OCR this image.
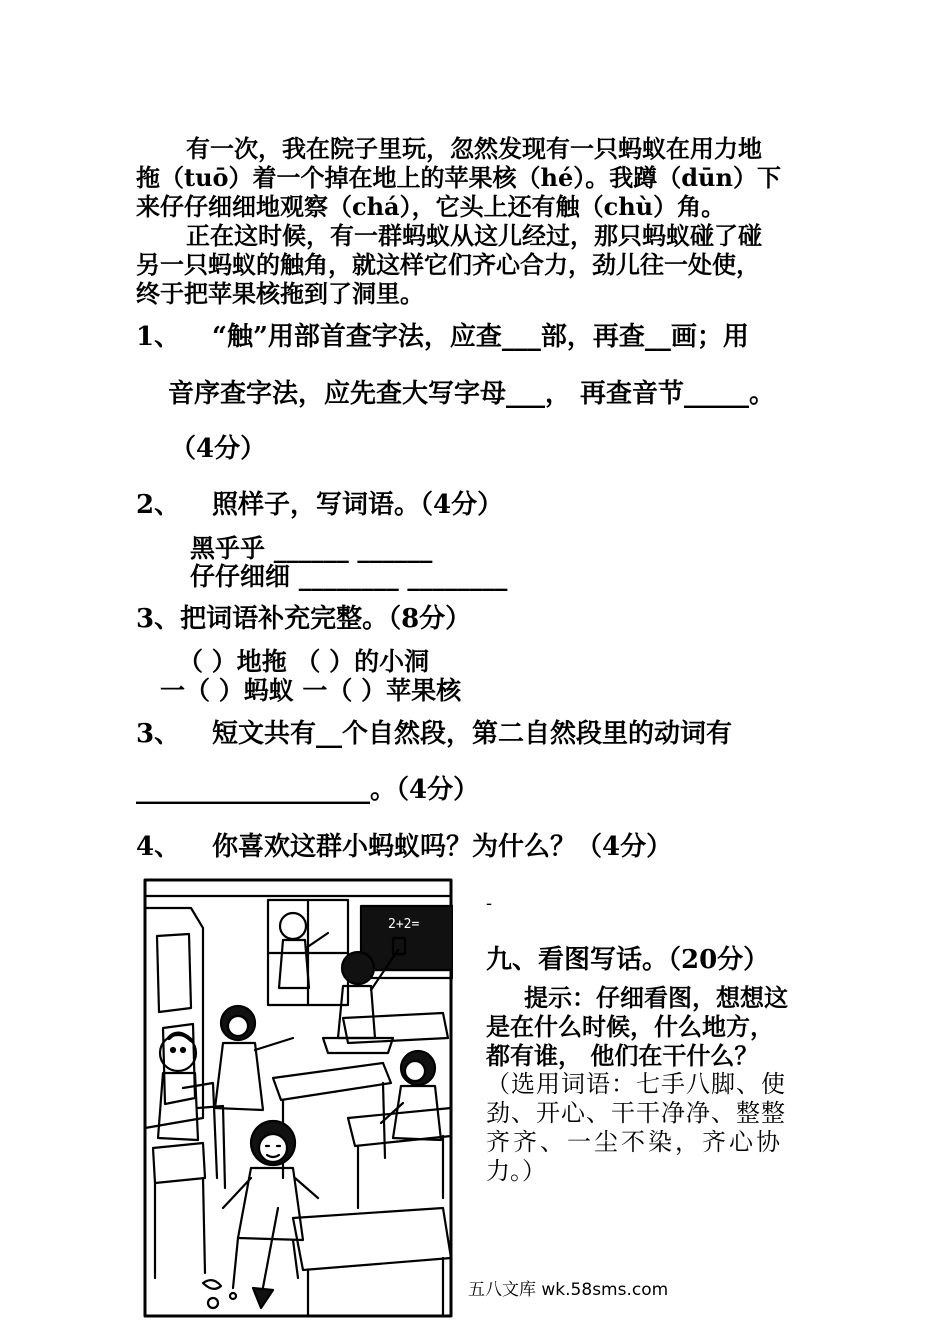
有一次，我在院子里玩，忽然发现有一只蚂蚁在用力地
拖（tuō）着一个掉在地上的苹果核（hé）。我蹲（dūn）下
来仔仔细细地观察（chá），它头上还有触（chù）角。
正在这时候，有一群蚂蚁从这儿经过，那只蚂蚁碰了碰
另一只蚂蚁的触角，就这样它们齐心合力，劲儿往一处使，
终于把苹果核拖到了洞里。
1、 “触”用部首查字法，应查___部，再查__画；用
音序查字法，应先查大写字母___， 再查音节_____。
（4分）
2、 照样子，写词语。（4分）
黑乎乎 ______ ______
仔仔细细 ________ ________
3、把词语补充完整。（8分）
（ ）地拖 （ ）的小洞
一（ ）蚂蚁 一（ ）苹果核
3、 短文共有__个自然段，第二自然段里的动词有
__________________。（4分）
4、 你喜欢这群小蚂蚁吗？为什么？（4分）
2+2=
-
九、看图写话。（20分）
提示：仔细看图，想想这
是在什么时候，什么地方，
都有谁， 他们在干什么？
（选用词语：七手八脚、使
劲、开心、干干净净、整整
齐齐、一尘不染，齐心协
力。）
五八文库 wk.58sms.com
